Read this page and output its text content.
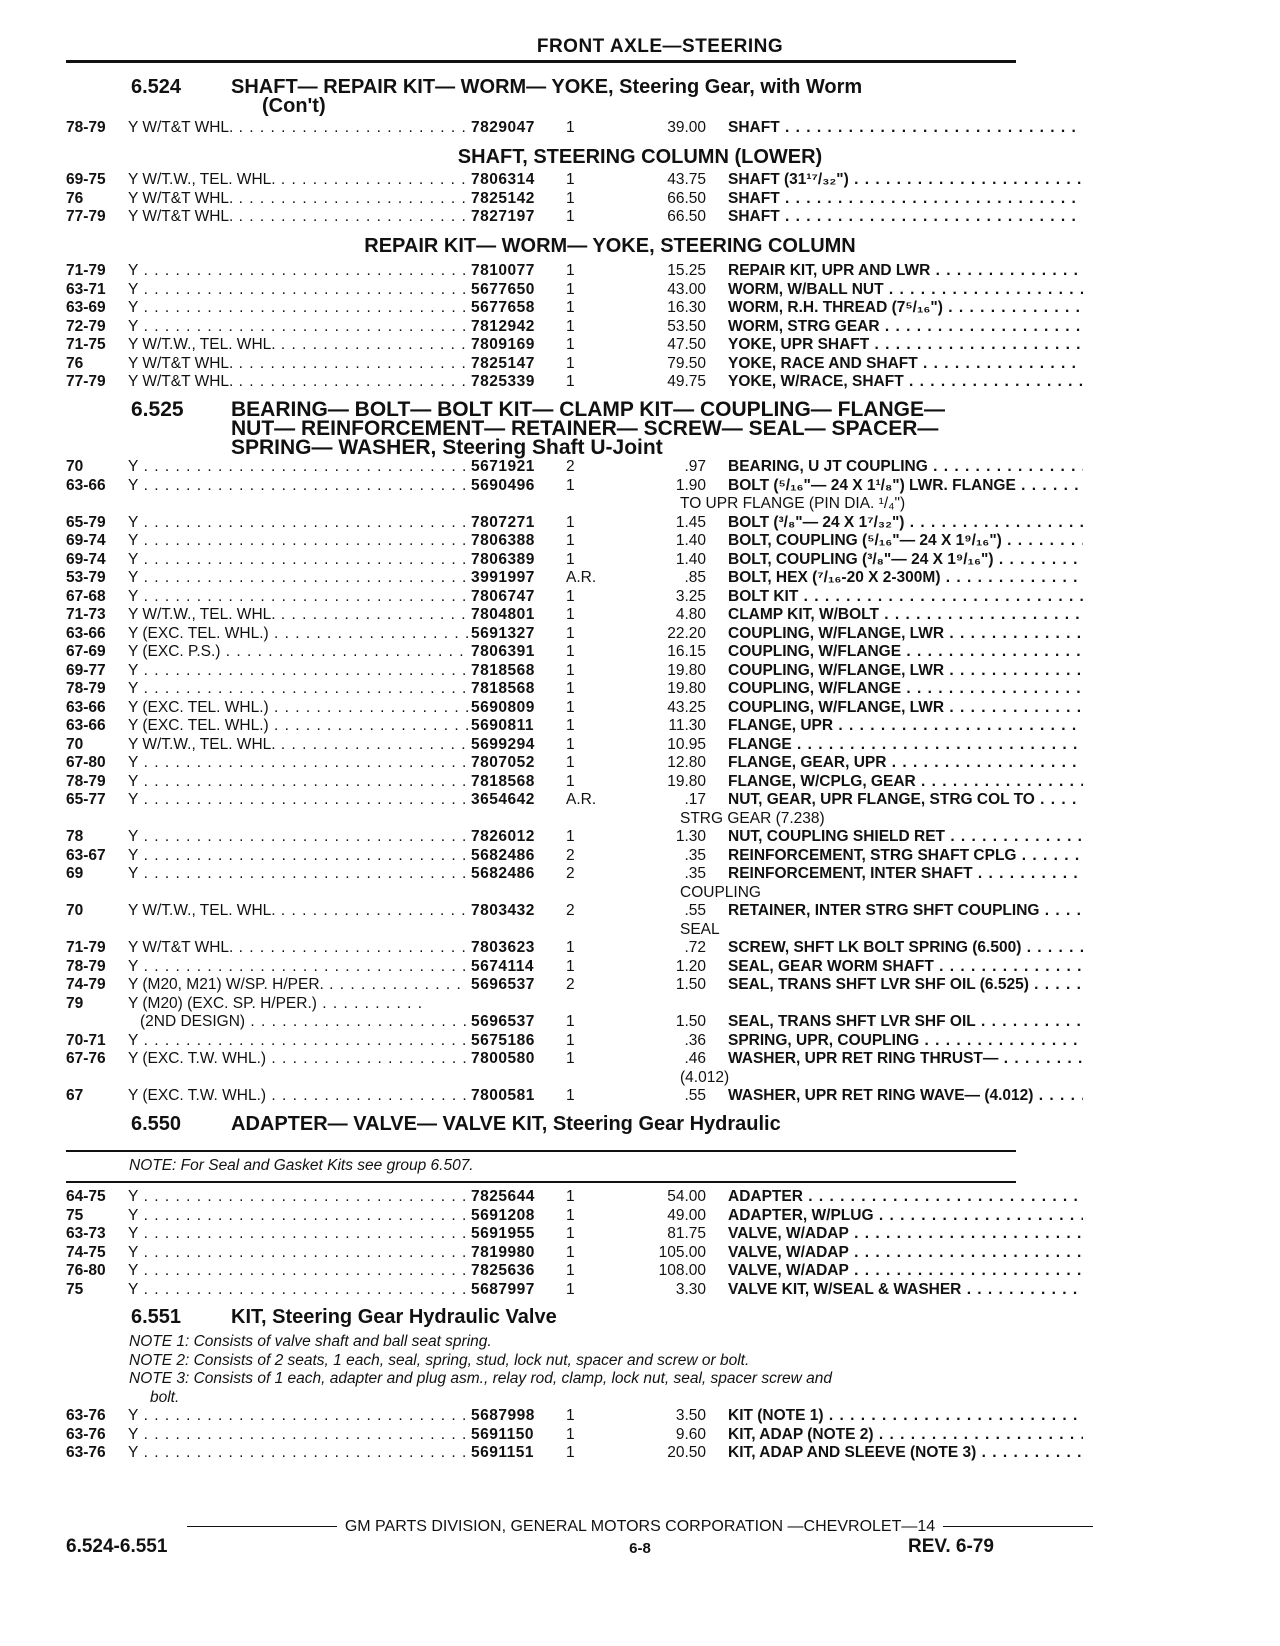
FRONT AXLE—STEERING
6.524 SHAFT— REPAIR KIT— WORM— YOKE, Steering Gear, with Worm
(Con't)
78-79	Y W/T&T WHL. . . .	7829047	1	39.00 SHAFT . . .
SHAFT, STEERING COLUMN (LOWER)
69-75	Y W/T.W., TEL. WHL. . . .	7806314	1	43.75 SHAFT (31¹⁷/₃₂") . . .
76	Y W/T&T WHL. . . .	7825142	1	66.50 SHAFT . . .
77-79	Y W/T&T WHL. . . .	7827197	1	66.50 SHAFT . . .
REPAIR KIT— WORM— YOKE, STEERING COLUMN
71-79	Y . . .	7810077	1	15.25 REPAIR KIT, UPR AND LWR . . .
63-71	Y . . .	5677650	1	43.00 WORM, W/BALL NUT . . .
63-69	Y . . .	5677658	1	16.30 WORM, R.H. THREAD (7⁵/₁₆") . . .
72-79	Y . . .	7812942	1	53.50 WORM, STRG GEAR . . .
71-75	Y W/T.W., TEL. WHL. . . .	7809169	1	47.50 YOKE, UPR SHAFT . . .
76	Y W/T&T WHL. . . .	7825147	1	79.50 YOKE, RACE AND SHAFT . . .
77-79	Y W/T&T WHL. . . .	7825339	1	49.75 YOKE, W/RACE, SHAFT . . .
6.525 BEARING— BOLT— BOLT KIT— CLAMP KIT— COUPLING— FLANGE—
NUT— REINFORCEMENT— RETAINER— SCREW— SEAL— SPACER—
SPRING— WASHER, Steering Shaft U-Joint
70	Y . . .	5671921	2	.97 BEARING, U JT COUPLING . . .
63-66	Y . . .	5690496	1	1.90 BOLT (⁵/₁₆"— 24 X 1¹/₈") LWR. FLANGE . . .
TO UPR FLANGE (PIN DIA. ¹/₄")
65-79	Y . . .	7807271	1	1.45 BOLT (³/₈"— 24 X 1⁷/₃₂") . . .
69-74	Y . . .	7806388	1	1.40 BOLT, COUPLING (⁵/₁₆"— 24 X 1⁹/₁₆") . . .
69-74	Y . . .	7806389	1	1.40 BOLT, COUPLING (³/₈"— 24 X 1⁹/₁₆") . . .
53-79	Y . . .	3991997	A.R.	.85 BOLT, HEX (⁷/₁₆-20 X 2-300M) . . .
67-68	Y . . .	7806747	1	3.25 BOLT KIT . . .
71-73	Y W/T.W., TEL. WHL. . . .	7804801	1	4.80 CLAMP KIT, W/BOLT . . .
63-66	Y (EXC. TEL. WHL.) . . .	5691327	1	22.20 COUPLING, W/FLANGE, LWR . . .
67-69	Y (EXC. P.S.) . . .	7806391	1	16.15 COUPLING, W/FLANGE . . .
69-77	Y . . .	7818568	1	19.80 COUPLING, W/FLANGE, LWR . . .
78-79	Y . . .	7818568	1	19.80 COUPLING, W/FLANGE . . .
63-66	Y (EXC. TEL. WHL.) . . .	5690809	1	43.25 COUPLING, W/FLANGE, LWR . . .
63-66	Y (EXC. TEL. WHL.) . . .	5690811	1	11.30 FLANGE, UPR . . .
70	Y W/T.W., TEL. WHL. . . .	5699294	1	10.95 FLANGE . . .
67-80	Y . . .	7807052	1	12.80 FLANGE, GEAR, UPR . . .
78-79	Y . . .	7818568	1	19.80 FLANGE, W/CPLG, GEAR . . .
65-77	Y . . .	3654642	A.R.	.17 NUT, GEAR, UPR FLANGE, STRG COL TO . . .
STRG GEAR (7.238)
78	Y . . .	7826012	1	1.30 NUT, COUPLING SHIELD RET . . .
63-67	Y . . .	5682486	2	.35 REINFORCEMENT, STRG SHAFT CPLG . . .
69	Y . . .	5682486	2	.35 REINFORCEMENT, INTER SHAFT . . .
COUPLING
70	Y W/T.W., TEL. WHL. . . .	7803432	2	.55 RETAINER, INTER STRG SHFT COUPLING . . .
SEAL
71-79	Y W/T&T WHL. . . .	7803623	1	.72 SCREW, SHFT LK BOLT SPRING (6.500) . . .
78-79	Y . . .	5674114	1	1.20 SEAL, GEAR WORM SHAFT . . .
74-79	Y (M20, M21) W/SP. H/PER. . . .	5696537	2	1.50 SEAL, TRANS SHFT LVR SHF OIL (6.525) . . .
79	Y (M20) (EXC. SP. H/PER.) . . .
(2ND DESIGN) . . .	5696537	1	1.50 SEAL, TRANS SHFT LVR SHF OIL . . .
70-71	Y . . .	5675186	1	.36 SPRING, UPR, COUPLING . . .
67-76	Y (EXC. T.W. WHL.) . . .	7800580	1	.46 WASHER, UPR RET RING THRUST— . . .
(4.012)
67	Y (EXC. T.W. WHL.) . . .	7800581	1	.55 WASHER, UPR RET RING WAVE— (4.012) . . .
6.550 ADAPTER— VALVE— VALVE KIT, Steering Gear Hydraulic
NOTE: For Seal and Gasket Kits see group 6.507.
64-75	Y . . .	7825644	1	54.00 ADAPTER . . .
75	Y . . .	5691208	1	49.00 ADAPTER, W/PLUG . . .
63-73	Y . . .	5691955	1	81.75 VALVE, W/ADAP . . .
74-75	Y . . .	7819980	1	105.00 VALVE, W/ADAP . . .
76-80	Y . . .	7825636	1	108.00 VALVE, W/ADAP . . .
75	Y . . .	5687997	1	3.30 VALVE KIT, W/SEAL & WASHER . . .
6.551 KIT, Steering Gear Hydraulic Valve
NOTE 1: Consists of valve shaft and ball seat spring.
NOTE 2: Consists of 2 seats, 1 each, seal, spring, stud, lock nut, spacer and screw or bolt.
NOTE 3: Consists of 1 each, adapter and plug asm., relay rod, clamp, lock nut, seal, spacer screw and
bolt.
63-76	Y . . .	5687998	1	3.50 KIT (NOTE 1) . . .
63-76	Y . . .	5691150	1	9.60 KIT, ADAP (NOTE 2) . . .
63-76	Y . . .	5691151	1	20.50 KIT, ADAP AND SLEEVE (NOTE 3) . . .
GM PARTS DIVISION, GENERAL MOTORS CORPORATION —CHEVROLET—14
6.524-6.551	6-8	REV. 6-79
